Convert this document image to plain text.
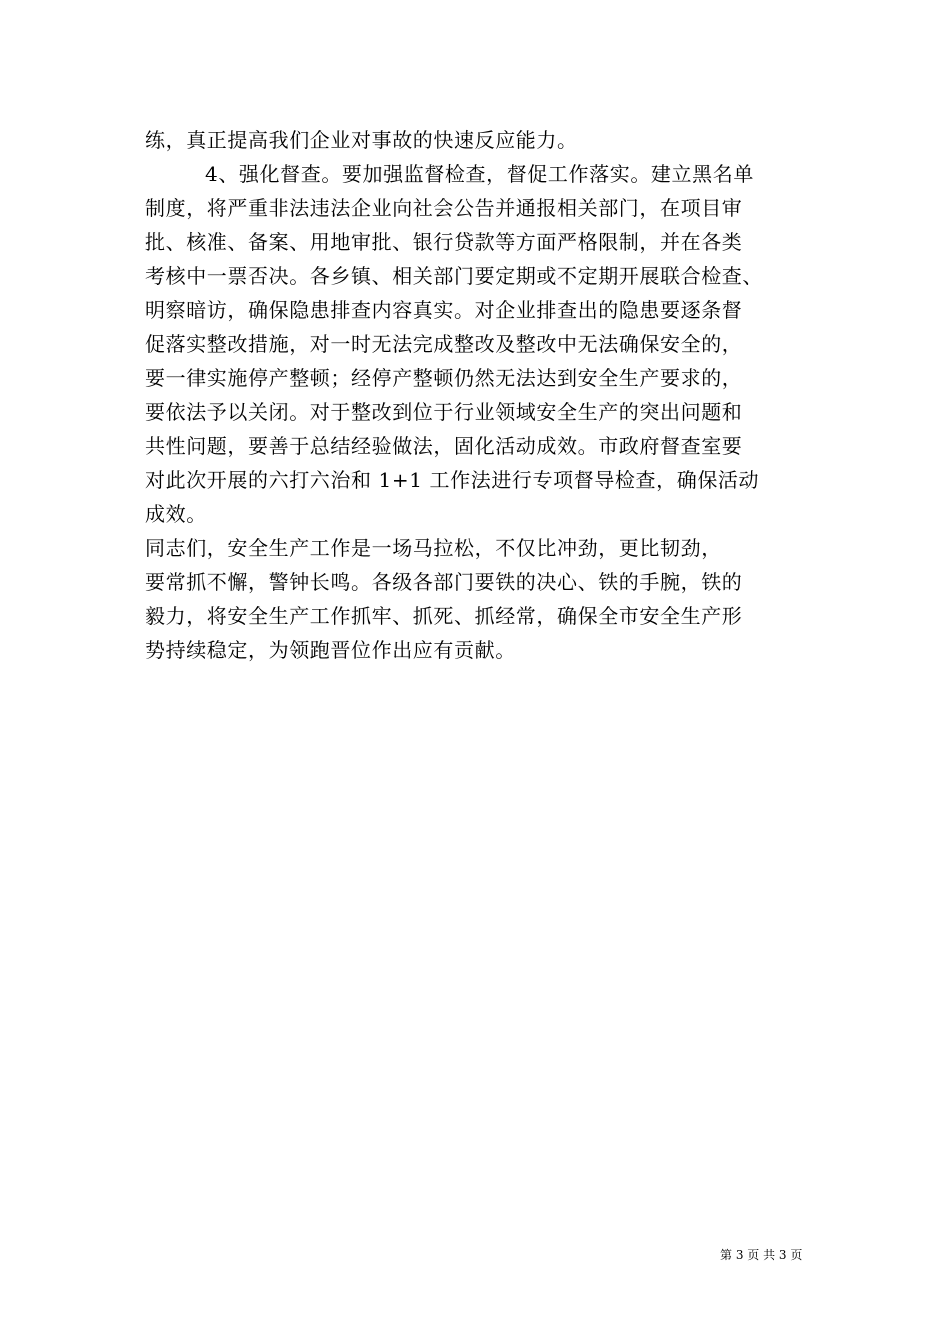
练，真正提高我们企业对事故的快速反应能力。
4、强化督查。要加强监督检查，督促工作落实。建立黑名单
制度，将严重非法违法企业向社会公告并通报相关部门，在项目审
批、核准、备案、用地审批、银行贷款等方面严格限制，并在各类
考核中一票否决。各乡镇、相关部门要定期或不定期开展联合检查、
明察暗访，确保隐患排查内容真实。对企业排查出的隐患要逐条督
促落实整改措施，对一时无法完成整改及整改中无法确保安全的，
要一律实施停产整顿；经停产整顿仍然无法达到安全生产要求的，
要依法予以关闭。对于整改到位于行业领域安全生产的突出问题和
共性问题，要善于总结经验做法，固化活动成效。市政府督查室要
对此次开展的六打六治和 1+1 工作法进行专项督导检查，确保活动
成效。
同志们，安全生产工作是一场马拉松，不仅比冲劲，更比韧劲，
要常抓不懈，警钟长鸣。各级各部门要铁的决心、铁的手腕，铁的
毅力，将安全生产工作抓牢、抓死、抓经常，确保全市安全生产形
势持续稳定，为领跑晋位作出应有贡献。
第 3 页 共 3 页
